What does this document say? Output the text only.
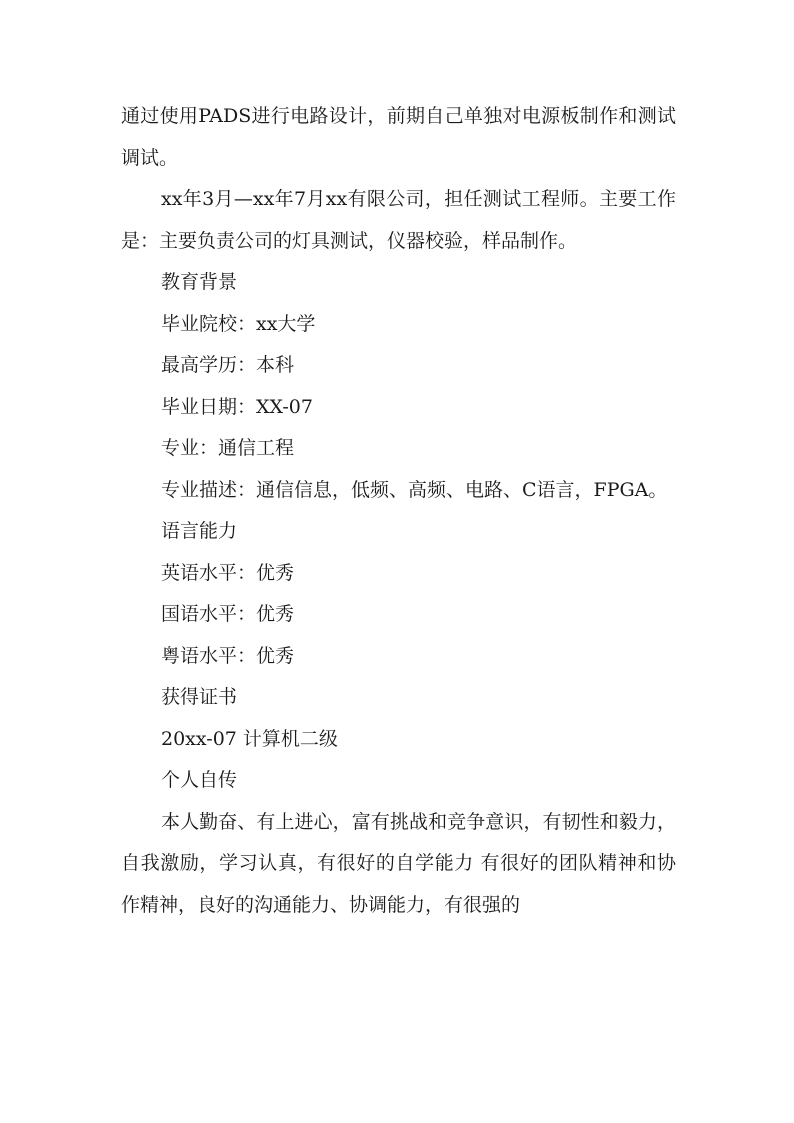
通过使用PADS进行电路设计，前期自己单独对电源板制作和测试调试。

xx年3月—xx年7月xx有限公司，担任测试工程师。主要工作是：主要负责公司的灯具测试，仪器校验，样品制作。

教育背景

毕业院校：xx大学

最高学历：本科

毕业日期：XX-07

专业：通信工程

专业描述：通信信息，低频、高频、电路、C语言，FPGA。

语言能力

英语水平：优秀

国语水平：优秀

粤语水平：优秀

获得证书

20xx-07 计算机二级

个人自传

本人勤奋、有上进心，富有挑战和竞争意识，有韧性和毅力，自我激励，学习认真，有很好的自学能力 有很好的团队精神和协作精神，良好的沟通能力、协调能力，有很强的
